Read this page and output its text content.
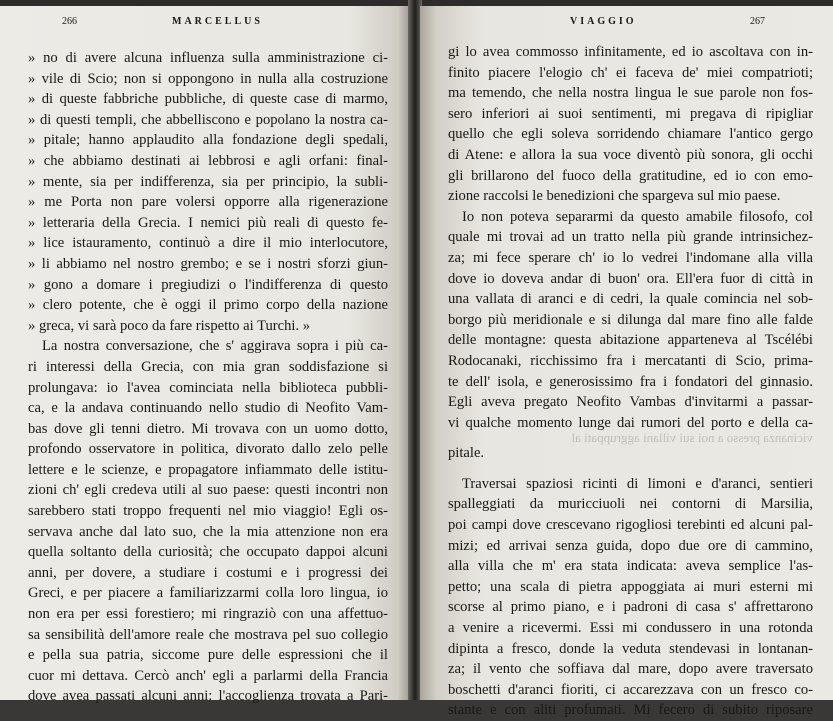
266	MARCELLUS
» no di avere alcuna influenza sulla amministrazione ci-
» vile di Scio; non si oppongono in nulla alla costruzione
» di queste fabbriche pubbliche, di queste case di marmo,
» di questi templi, che abbelliscono e popolano la nostra ca-
» pitale; hanno applaudito alla fondazione degli spedali,
» che abbiamo destinati ai lebbrosi e agli orfani: final-
» mente, sia per indifferenza, sia per principio, la subli-
» me Porta non pare volersi opporre alla rigenerazione
» letteraria della Grecia. I nemici più reali di questo fe-
» lice istauramento, continuò a dire il mio interlocutore,
» li abbiamo nel nostro grembo; e se i nostri sforzi giun-
» gono a domare i pregiudizi o l'indifferenza di questo
» clero potente, che è oggi il primo corpo della nazione
» greca, vi sarà poco da fare rispetto ai Turchi. »
La nostra conversazione, che s' aggirava sopra i più ca-
ri interessi della Grecia, con mia gran soddisfazione si
prolungava: io l'avea cominciata nella biblioteca pubbli-
ca, e la andava continuando nello studio di Neofito Vam-
bas dove gli tenni dietro. Mi trovava con un uomo dotto,
profondo osservatore in politica, divorato dallo zelo pelle
lettere e le scienze, e propagatore infiammato delle istitu-
zioni ch' egli credeva utili al suo paese: questi incontri non
sarebbero stati troppo frequenti nel mio viaggio! Egli os-
servava anche dal lato suo, che la mia attenzione non era
quella soltanto della curiosità; che occupato dappoi alcuni
anni, per dovere, a studiare i costumi e i progressi dei
Greci, e per piacere a familiarizzarmi colla loro lingua, io
non era per essi forestiero; mi ringraziò con una affettuo-
sa sensibilità dell'amore reale che mostrava pel suo collegio
e pella sua patria, siccome pure delle espressioni che il
cuor mi dettava. Cercò anch' egli a parlarmi della Francia
dove avea passati alcuni anni: l'accoglienza trovata a Pari-
VIAGGIO	267
gi lo avea commosso infinitamente, ed io ascoltava con in-
finito piacere l'elogio ch' ei faceva de' miei compatrioti;
ma temendo, che nella nostra lingua le sue parole non fos-
sero inferiori ai suoi sentimenti, mi pregava di ripigliar
quello che egli soleva sorridendo chiamare l'antico gergo
di Atene: e allora la sua voce diventò più sonora, gli occhi
gli brillarono del fuoco della gratitudine, ed io con emo-
zione raccolsi le benedizioni che spargeva sul mio paese.
Io non poteva separarmi da questo amabile filosofo, col
quale mi trovai ad un tratto nella più grande intrinsichez-
za; mi fece sperare ch' io lo vedrei l'indomane alla villa
dove io doveva andar di buon' ora. Ell'era fuor di città in
una vallata di aranci e di cedri, la quale comincia nel sob-
borgo più meridionale e si dilunga dal mare fino alle falde
delle montagne: questa abitazione apparteneva al Tscélébi
Rodocanaki, ricchissimo fra i mercatanti di Scio, prima-
te dell' isola, e generosissimo fra i fondatori del ginnasio.
Egli aveva pregato Neofito Vambas d'invitarmi a passar-
vi qualche momento lunge dai rumori del porto e della ca-
vicinanza presso a noi sui villani aggruppati al
pitale.
Traversai spaziosi ricinti di limoni e d'aranci, sentieri
spalleggiati da muricciuoli nei contorni di Marsilia,
poi campi dove crescevano rigogliosi terebinti ed alcuni pal-
mizi; ed arrivai senza guida, dopo due ore di cammino,
alla villa che m' era stata indicata: aveva semplice l'as-
petto; una scala di pietra appoggiata ai muri esterni mi
scorse al primo piano, e i padroni di casa s' affrettarono
a venire a ricevermi. Essi mi condussero in una rotonda
dipinta a fresco, donde la veduta stendevasi in lontanan-
za; il vento che soffiava dal mare, dopo avere traversato
boschetti d'aranci fioriti, ci accarezzava con un fresco co-
stante e con aliti profumati. Mi fecero di subito riposare
